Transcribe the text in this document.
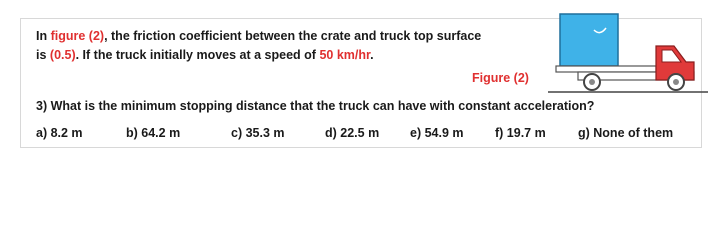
In figure (2), the friction coefficient between the crate and truck top surface
is (0.5). If the truck initially moves at a speed of 50 km/hr.
Figure (2)
3) What is the minimum stopping distance that the truck can have with constant acceleration?
a) 8.2 m	b) 64.2 m	c) 35.3 m	d) 22.5 m e) 54.9 m	f) 19.7 m	g) None of them
